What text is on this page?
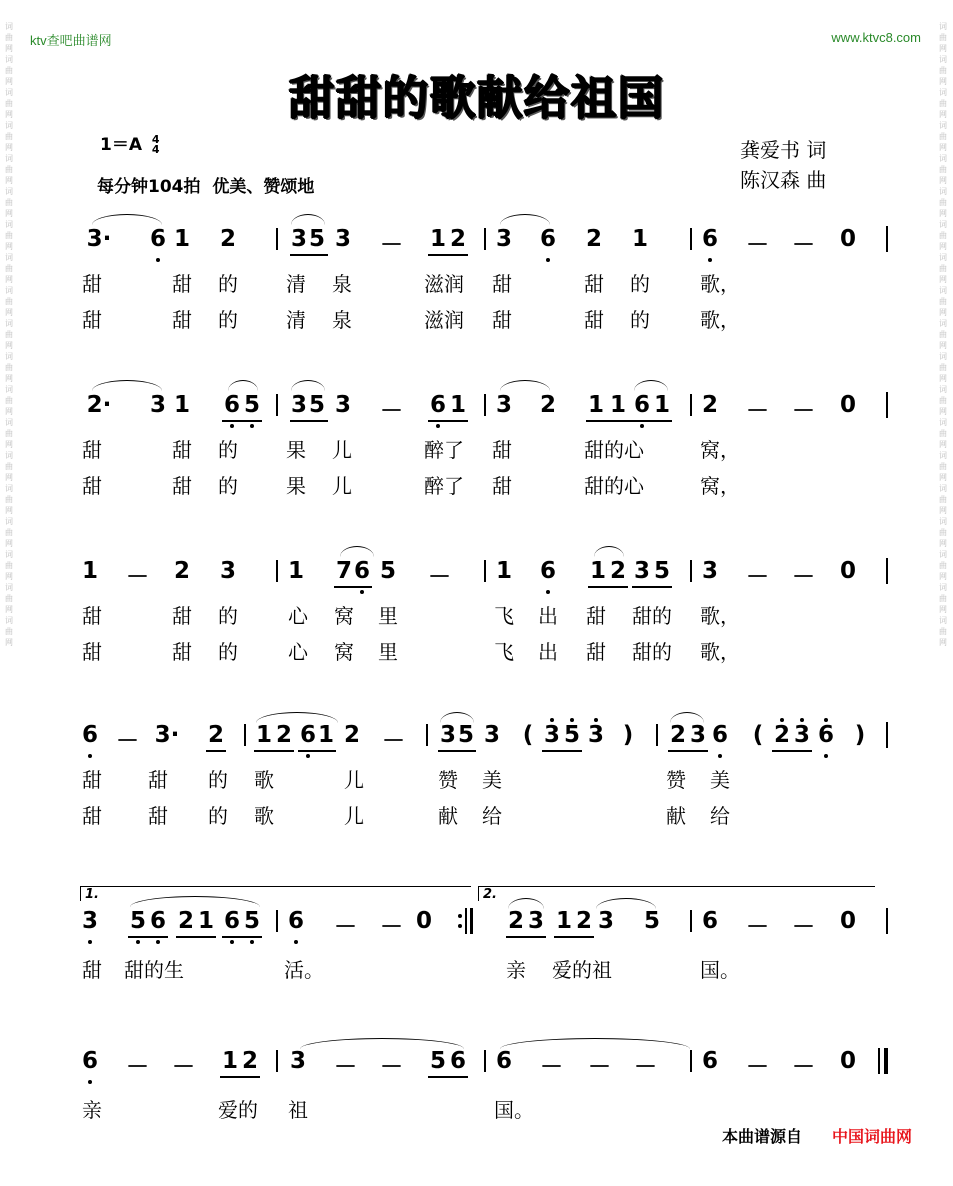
词
曲
网
词
曲
网
词
曲
网
词
曲
网
词
曲
网
词
曲
网
词
曲
网
词
曲
网
词
曲
网
词
曲
网
词
曲
网
词
曲
网
词
曲
网
词
曲
网
词
曲
网
词
曲
网
词
曲
网
词
曲
网
词
曲
网

词
曲
网
词
曲
网
词
曲
网
词
曲
网
词
曲
网
词
曲
网
词
曲
网
词
曲
网
词
曲
网
词
曲
网
词
曲
网
词
曲
网
词
曲
网
词
曲
网
词
曲
网
词
曲
网
词
曲
网
词
曲
网
词
曲
网

ktv查吧曲谱网	www.ktvc8.com
甜甜的歌献给祖国
1＝A 4
4
每分钟104拍 优美、赞颂地
龚爱书 词
陈汉森 曲
3· 6 1 2 3 5 3 － 1 2 3 6 2 1 6 － － 0
甜	甜 的 清 泉	滋润 甜	甜 的	歌，
甜	甜 的 清 泉	滋润 甜	甜 的	歌，
2· 3 1 6 5 3 5 3 － 6 1 3 2 1 1 6 1 2 － － 0
甜	甜 的 果 儿	醉了 甜	甜的心	窝，
甜	甜 的 果 儿	醉了 甜	甜的心	窝，
1 － 2 3 1 7 6 5 － 1 6 1 2 3 5 3 － － 0
甜	甜 的	心 窝 里	飞 出 甜 甜的 歌，
甜	甜 的	心 窝 里	飞 出 甜 甜的 歌，
6 － 3· 2 1 2 6 1 2 － 3 5 3 ( 3 5 3 ) 2 3 6 ( 2 3 6 )
甜 甜 的 歌	儿	赞 美	赞 美
甜 甜 的 歌	儿	献 给	献 给
1.	2.
3 5 6 2 1 6 5 6 － － 0	2 3 1 2 3 5 6 － － 0
甜 甜的生	活。	亲 爱的祖	国。
6 － － 1 2 3 － － 5 6 6 － － － 6 － － 0
亲	爱的 祖	国。
本曲谱源自 中国词曲网
